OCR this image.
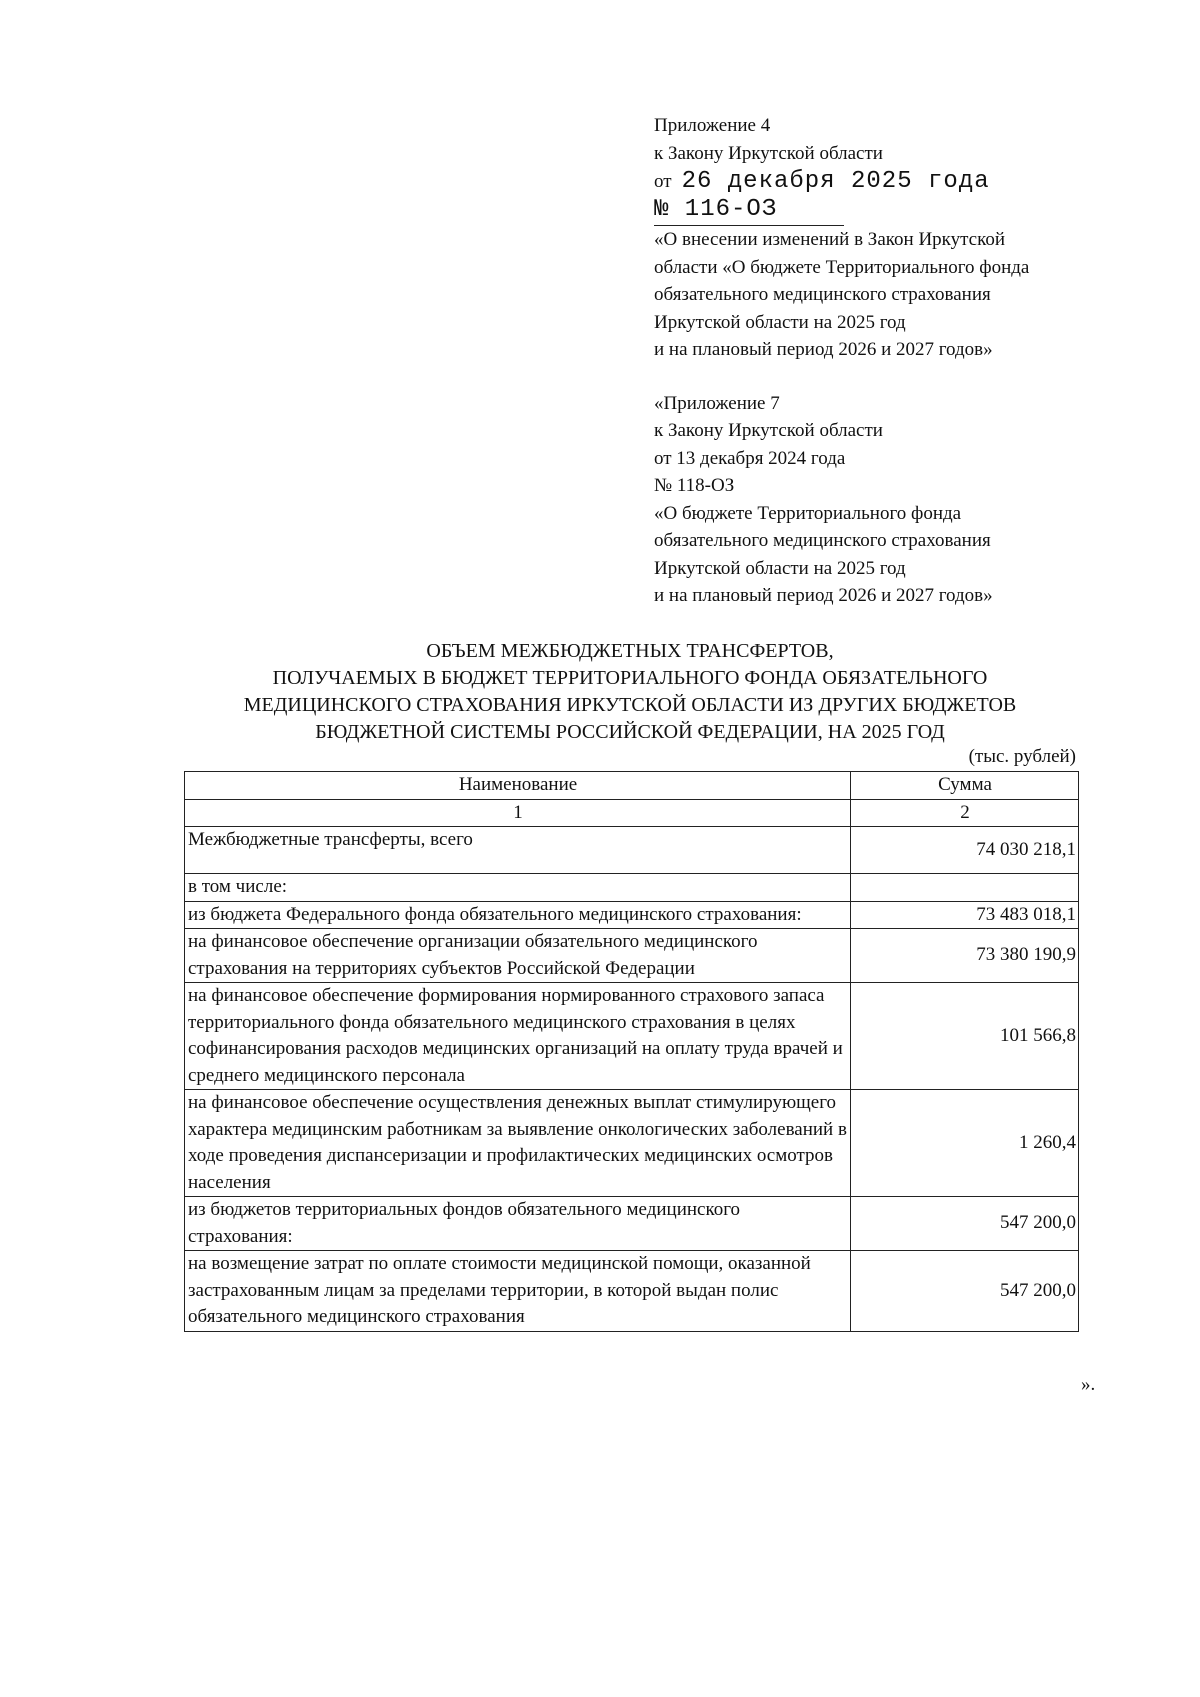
Приложение 4
к Закону Иркутской области
от 26 декабря 2025 года
№ 116-ОЗ
«О внесении изменений в Закон Иркутской
области «О бюджете Территориального фонда
обязательного медицинского страхования
Иркутской области на 2025 год
и на плановый период 2026 и 2027 годов»
«Приложение 7
к Закону Иркутской области
от 13 декабря 2024 года
№ 118-ОЗ
«О бюджете Территориального фонда
обязательного медицинского страхования
Иркутской области на 2025 год
и на плановый период 2026 и 2027 годов»
ОБЪЕМ МЕЖБЮДЖЕТНЫХ ТРАНСФЕРТОВ,
ПОЛУЧАЕМЫХ В БЮДЖЕТ ТЕРРИТОРИАЛЬНОГО ФОНДА ОБЯЗАТЕЛЬНОГО
МЕДИЦИНСКОГО СТРАХОВАНИЯ ИРКУТСКОЙ ОБЛАСТИ ИЗ ДРУГИХ БЮДЖЕТОВ
БЮДЖЕТНОЙ СИСТЕМЫ РОССИЙСКОЙ ФЕДЕРАЦИИ, НА 2025 ГОД
(тыс. рублей)
Наименование	Сумма
1	2
Межбюджетные трансферты, всего	74 030 218,1
в том числе:	
из бюджета Федерального фонда обязательного медицинского страхования:	73 483 018,1
на финансовое обеспечение организации обязательного медицинского страхования на территориях субъектов Российской Федерации	73 380 190,9
на финансовое обеспечение формирования нормированного страхового запаса территориального фонда обязательного медицинского страхования в целях софинансирования расходов медицинских организаций на оплату труда врачей и среднего медицинского персонала	101 566,8
на финансовое обеспечение осуществления денежных выплат стимулирующего характера медицинским работникам за выявление онкологических заболеваний в ходе проведения диспансеризации и профилактических медицинских осмотров населения	1 260,4
из бюджетов территориальных фондов обязательного медицинского страхования:	547 200,0
на возмещение затрат по оплате стоимости медицинской помощи, оказанной застрахованным лицам за пределами территории, в которой выдан полис обязательного медицинского страхования	547 200,0
».
